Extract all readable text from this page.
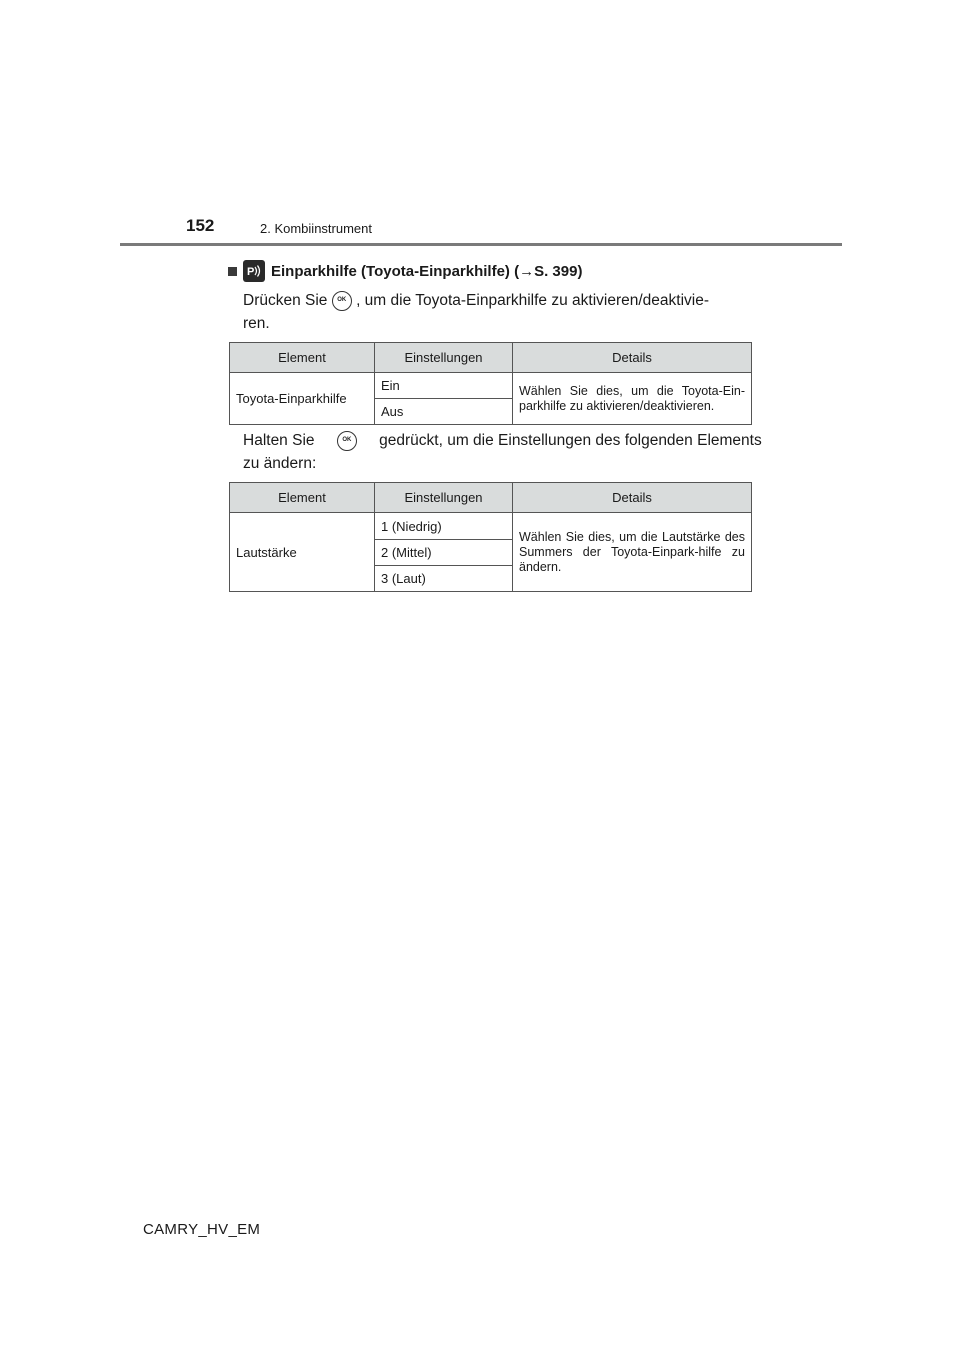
152	2. Kombiinstrument
P Einparkhilfe (Toyota-Einparkhilfe) ( → S. 399)
Drücken Sie OK , um die Toyota-Einparkhilfe zu aktivieren/deaktivie-
ren.
Element	Einstellungen	Details
Toyota-Einparkhilfe	Ein	Wählen Sie dies, um die Toyota-Ein-parkhilfe zu aktivieren/deaktivieren.
	Aus	
Halten Sie	OK gedrückt, um die Einstellungen des folgenden Elements
zu ändern:
Element	Einstellungen	Details
Lautstärke	1 (Niedrig)	Wählen Sie dies, um die Lautstärke des Summers der Toyota-Einpark-hilfe zu ändern.
	2 (Mittel)	
	3 (Laut)	
CAMRY_HV_EM
